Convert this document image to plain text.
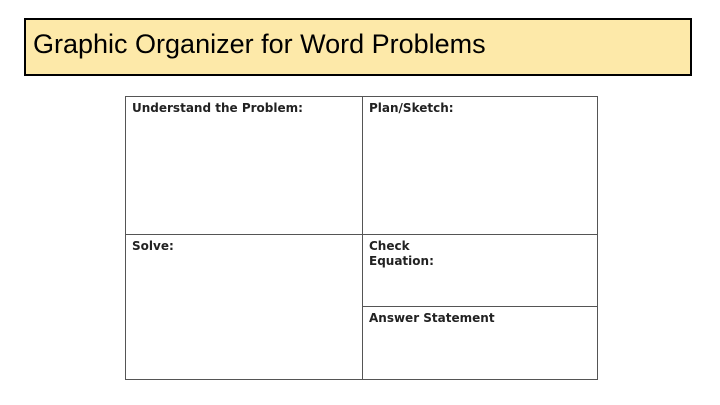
Graphic Organizer for Word Problems
Understand the Problem:	Plan/Sketch:
Solve:	Check
Equation:
Answer Statement
